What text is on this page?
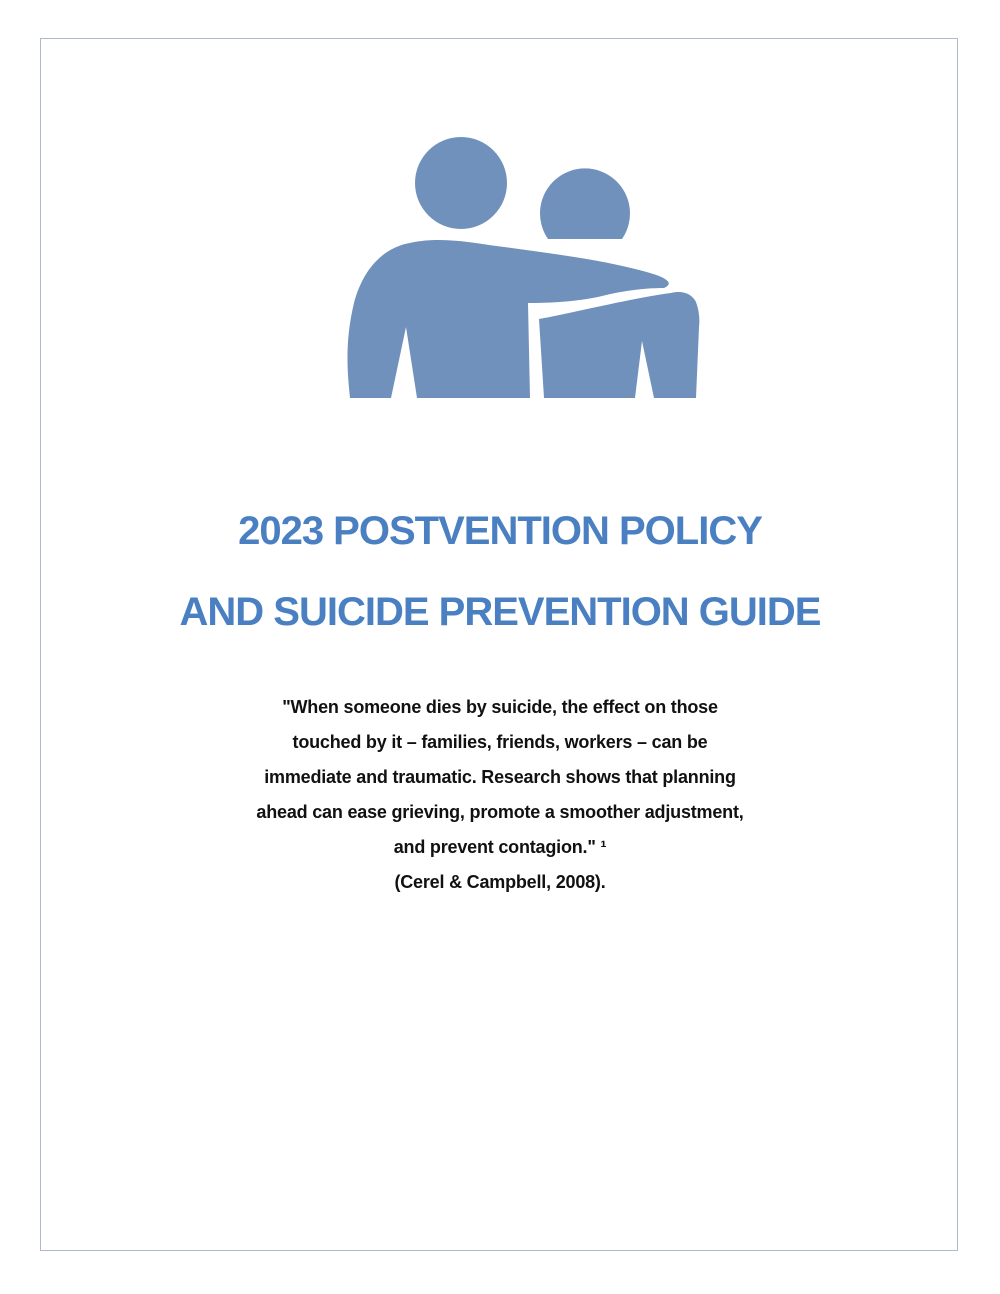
2023 POSTVENTION POLICY
AND SUICIDE PREVENTION GUIDE
"When someone dies by suicide, the effect on those
touched by it – families, friends, workers – can be
immediate and traumatic. Research shows that planning
ahead can ease grieving, promote a smoother adjustment,
and prevent contagion." ¹
(Cerel & Campbell, 2008).
